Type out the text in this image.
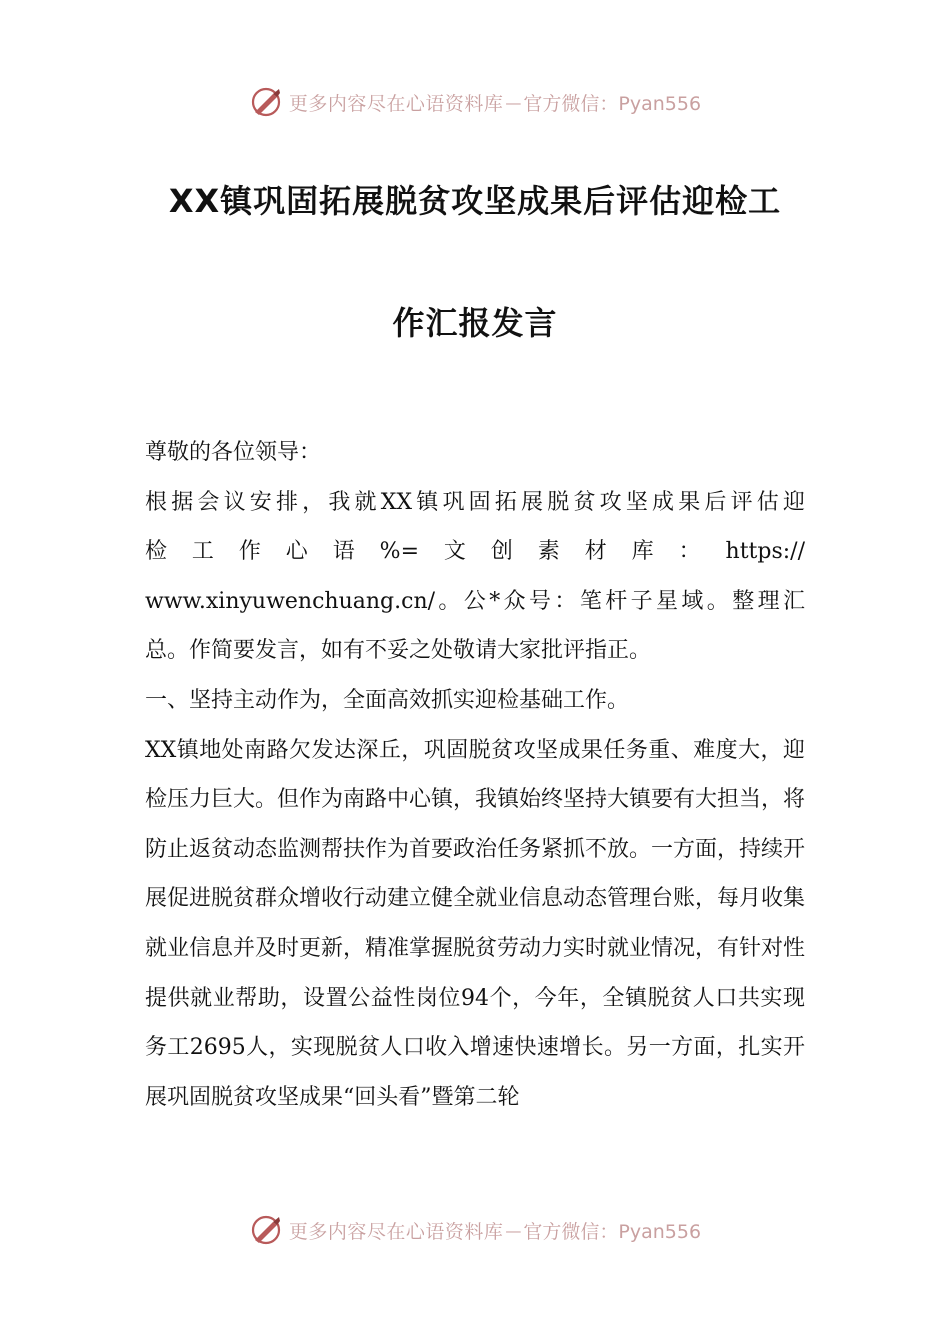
更多内容尽在心语资料库 — 官方微信：Pyan556
XX镇巩固拓展脱贫攻坚成果后评估迎检工
作汇报发言

尊敬的各位领导：

根据会议安排，我就XX镇巩固拓展脱贫攻坚成果后评估迎

检工作心语%=文创素材库：https://

www.xinyuwenchuang.cn/。公*众号：笔杆子星域。整理汇

总。作简要发言，如有不妥之处敬请大家批评指正。

一、坚持主动作为，全面高效抓实迎检基础工作。

XX镇地处南路欠发达深丘，巩固脱贫攻坚成果任务重、难度大，迎检压力巨大。但作为南路中心镇，我镇始终坚持大镇要有大担当，将防止返贫动态监测帮扶作为首要政治任务紧抓不放。一方面，持续开展促进脱贫群众增收行动建立健全就业信息动态管理台账，每月收集就业信息并及时更新，精准掌握脱贫劳动力实时就业情况，有针对性提供就业帮助，设置公益性岗位94个，今年，全镇脱贫人口共实现务工2695人，实现脱贫人口收入增速快速增长。另一方面，扎实开展巩固脱贫攻坚成果“回头看”暨第二轮

更多内容尽在心语资料库 — 官方微信：Pyan556
